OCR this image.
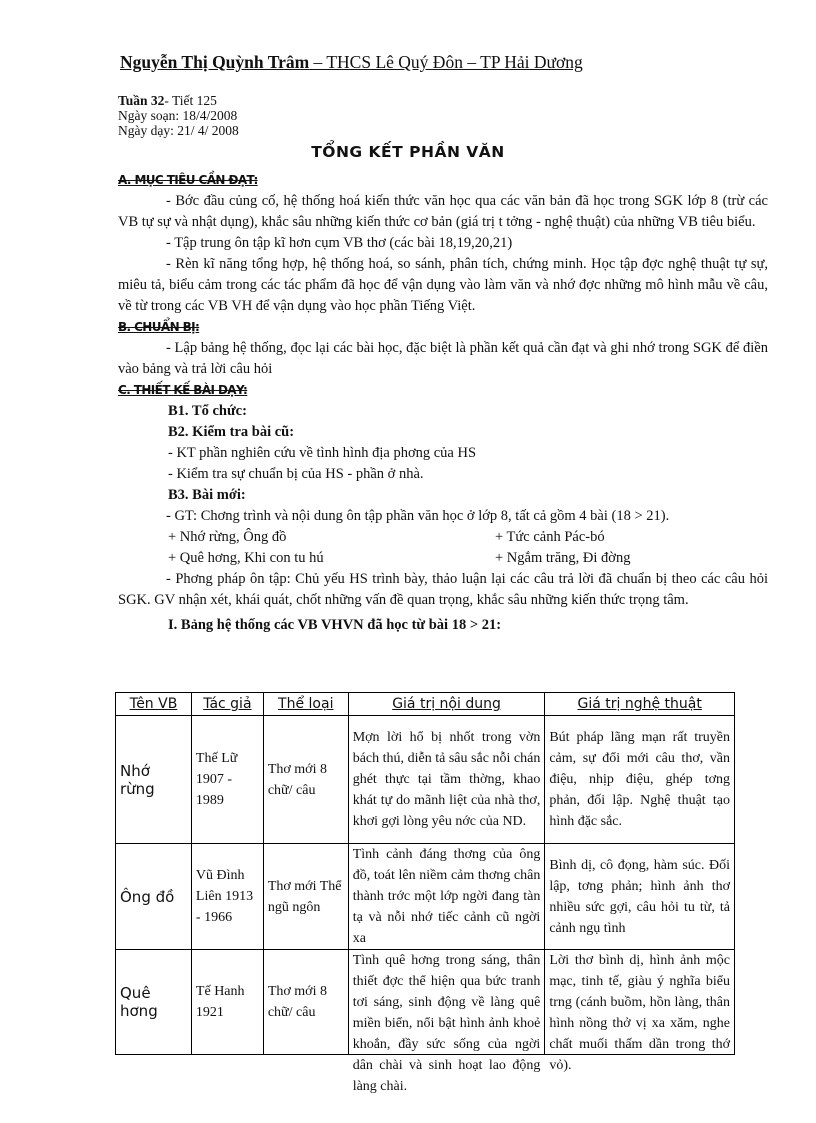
Nguyễn Thị Quỳnh Trâm – THCS Lê Quý Đôn – TP Hải Dương
Tuần 32- Tiết 125
Ngày soạn: 18/4/2008
Ngày dạy: 21/ 4/ 2008
TỔNG KẾT PHẦN VĂN
A. MỤC TIÊU CẦN ĐẠT:

- Bớc đầu củng cố, hệ thống hoá kiến thức văn học qua các văn bản đã học trong SGK lớp 8 (trừ các VB tự sự và nhật dụng), khắc sâu những kiến thức cơ bản (giá trị t tởng - nghệ thuật) của những VB tiêu biểu.

- Tập trung ôn tập kĩ hơn cụm VB thơ (các bài 18,19,20,21)

- Rèn kĩ năng tổng hợp, hệ thống hoá, so sánh, phân tích, chứng minh. Học tập đợc nghệ thuật tự sự, miêu tả, biểu cảm trong các tác phẩm đã học để vận dụng vào làm văn và nhớ đợc những mô hình mẫu về câu, về từ trong các VB VH để vận dụng vào học phần Tiếng Việt.

B. CHUẨN BỊ:

- Lập bảng hệ thống, đọc lại các bài học, đặc biệt là phần kết quả cần đạt và ghi nhớ trong SGK để điền vào bảng và trả lời câu hỏi

C. THIẾT KẾ BÀI DẠY:
B1. Tổ chức:
B2. Kiểm tra bài cũ:
- KT phần nghiên cứu về tình hình địa phơng của HS
- Kiểm tra sự chuẩn bị của HS - phần ở nhà.
B3. Bài mới:

- GT: Chơng trình và nội dung ôn tập phần văn học ở lớp 8, tất cả gồm 4 bài (18 > 21).

+ Nhớ rừng, Ông đồ	+ Tức cảnh Pác-bó
+ Quê hơng, Khi con tu hú	+ Ngắm trăng, Đi đờng

- Phơng pháp ôn tập: Chủ yếu HS trình bày, thảo luận lại các câu trả lời đã chuẩn bị theo các câu hỏi SGK. GV nhận xét, khái quát, chốt những vấn đề quan trọng, khắc sâu những kiến thức trọng tâm.

I. Bảng hệ thống các VB VHVN đã học từ bài 18 > 21:
Tên VB	Tác giả	Thể loại	Giá trị nội dung	Giá trị nghệ thuật
Nhớ rừng	Thế Lữ 1907 - 1989	Thơ mới 8 chữ/ câu	Mợn lời hổ bị nhốt trong vờn bách thú, diễn tả sâu sắc nỗi chán ghét thực tại tầm thờng, khao khát tự do mãnh liệt của nhà thơ, khơi gợi lòng yêu nớc của ND.	Bút pháp lãng mạn rất truyền cảm, sự đổi mới câu thơ, vần điệu, nhịp điệu, ghép tơng phản, đối lập. Nghệ thuật tạo hình đặc sắc.
Ông đồ	Vũ Đình Liên 1913 - 1966	Thơ mới Thể ngũ ngôn	Tình cảnh đáng thơng của ông đồ, toát lên niềm cảm thơng chân thành trớc một lớp ngời đang tàn tạ và nỗi nhớ tiếc cảnh cũ ngời xa	Bình dị, cô đọng, hàm súc. Đối lập, tơng phản; hình ảnh thơ nhiều sức gợi, câu hỏi tu từ, tả cảnh ngụ tình
Quê hơng	Tế Hanh 1921	Thơ mới 8 chữ/ câu	Tình quê hơng trong sáng, thân thiết đợc thể hiện qua bức tranh tơi sáng, sinh động về làng quê miền biển, nổi bật hình ảnh khoẻ khoắn, đầy sức sống của ngời dân chài và sinh hoạt lao động làng chài.	Lời thơ bình dị, hình ảnh mộc mạc, tinh tế, giàu ý nghĩa biểu trng (cánh buồm, hồn làng, thân hình nồng thở vị xa xăm, nghe chất muối thấm dần trong thớ vỏ).
